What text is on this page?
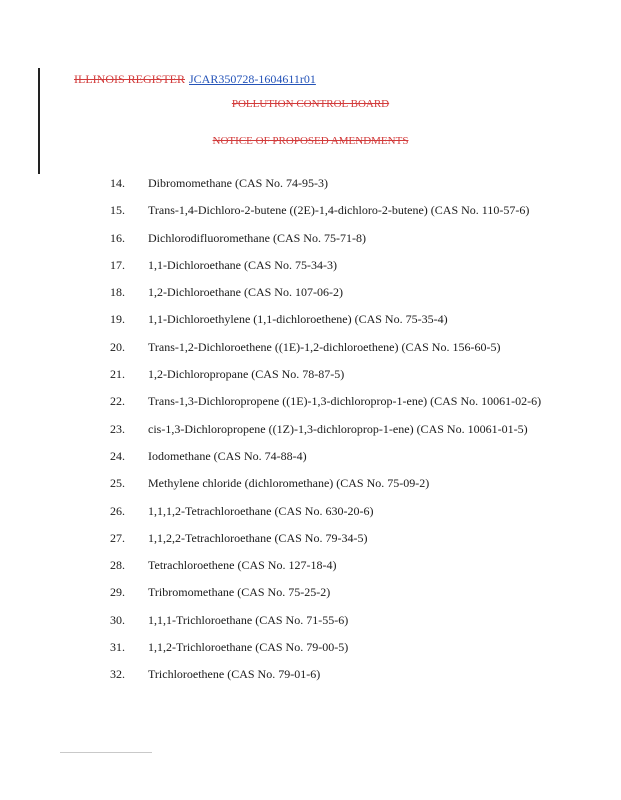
ILLINOIS REGISTER JCAR350728-1604611r01
POLLUTION CONTROL BOARD
NOTICE OF PROPOSED AMENDMENTS
14. Dibromomethane (CAS No. 74-95-3)
15. Trans-1,4-Dichloro-2-butene ((2E)-1,4-dichloro-2-butene) (CAS No. 110-57-6)
16. Dichlorodifluoromethane (CAS No. 75-71-8)
17. 1,1-Dichloroethane (CAS No. 75-34-3)
18. 1,2-Dichloroethane (CAS No. 107-06-2)
19. 1,1-Dichloroethylene (1,1-dichloroethene) (CAS No. 75-35-4)
20. Trans-1,2-Dichloroethene ((1E)-1,2-dichloroethene) (CAS No. 156-60-5)
21. 1,2-Dichloropropane (CAS No. 78-87-5)
22. Trans-1,3-Dichloropropene ((1E)-1,3-dichloroprop-1-ene) (CAS No. 10061-02-6)
23. cis-1,3-Dichloropropene ((1Z)-1,3-dichloroprop-1-ene) (CAS No. 10061-01-5)
24. Iodomethane (CAS No. 74-88-4)
25. Methylene chloride (dichloromethane) (CAS No. 75-09-2)
26. 1,1,1,2-Tetrachloroethane (CAS No. 630-20-6)
27. 1,1,2,2-Tetrachloroethane (CAS No. 79-34-5)
28. Tetrachloroethene (CAS No. 127-18-4)
29. Tribromomethane (CAS No. 75-25-2)
30. 1,1,1-Trichloroethane (CAS No. 71-55-6)
31. 1,1,2-Trichloroethane (CAS No. 79-00-5)
32. Trichloroethene (CAS No. 79-01-6)
